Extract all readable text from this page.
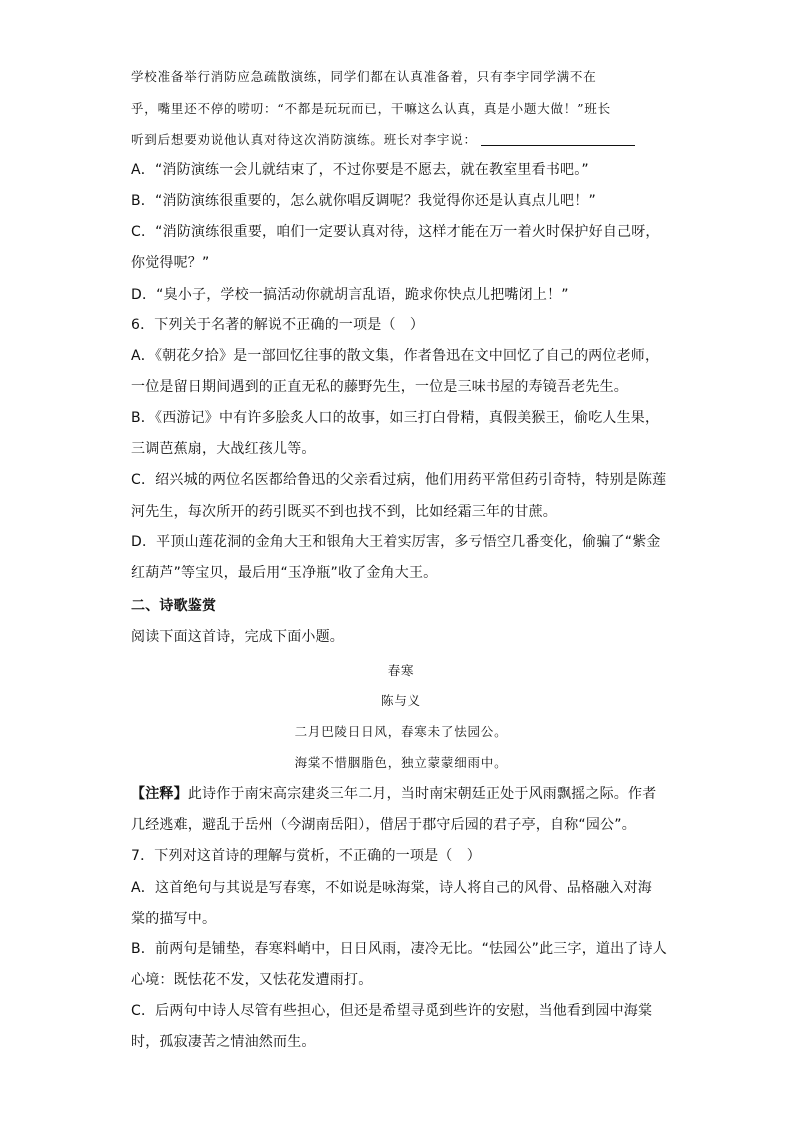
学校准备举行消防应急疏散演练，同学们都在认真准备着，只有李宇同学满不在
乎，嘴里还不停的唠叨：“不都是玩玩而已，干嘛这么认真，真是小题大做！”班长
听到后想要劝说他认真对待这次消防演练。班长对李宇说：
A．“消防演练一会儿就结束了，不过你要是不愿去，就在教室里看书吧。”
B．“消防演练很重要的，怎么就你唱反调呢？我觉得你还是认真点儿吧！”
C．“消防演练很重要，咱们一定要认真对待，这样才能在万一着火时保护好自己呀，
你觉得呢？”
D．“臭小子，学校一搞活动你就胡言乱语，跪求你快点儿把嘴闭上！”
6．下列关于名著的解说不正确的一项是（　）
A．《朝花夕拾》是一部回忆往事的散文集，作者鲁迅在文中回忆了自己的两位老师，
一位是留日期间遇到的正直无私的藤野先生，一位是三味书屋的寿镜吾老先生。
B．《西游记》中有许多脍炙人口的故事，如三打白骨精，真假美猴王，偷吃人生果，
三调芭蕉扇，大战红孩儿等。
C．绍兴城的两位名医都给鲁迅的父亲看过病，他们用药平常但药引奇特，特别是陈莲
河先生，每次所开的药引既买不到也找不到，比如经霜三年的甘蔗。
D．平顶山莲花洞的金角大王和银角大王着实厉害，多亏悟空几番变化，偷骗了“紫金
红葫芦”等宝贝，最后用“玉净瓶”收了金角大王。
二、诗歌鉴赏
阅读下面这首诗，完成下面小题。
春寒
陈与义
二月巴陵日日风，春寒未了怯园公。
海棠不惜胭脂色，独立蒙蒙细雨中。
【注释】此诗作于南宋高宗建炎三年二月，当时南宋朝廷正处于风雨飘摇之际。作者
几经逃难，避乱于岳州（今湖南岳阳），借居于郡守后园的君子亭，自称“园公”。
7．下列对这首诗的理解与赏析，不正确的一项是（　）
A．这首绝句与其说是写春寒，不如说是咏海棠，诗人将自己的风骨、品格融入对海
棠的描写中。
B．前两句是铺垫，春寒料峭中，日日风雨，凄冷无比。“怯园公”此三字，道出了诗人
心境：既怯花不发，又怯花发遭雨打。
C．后两句中诗人尽管有些担心，但还是希望寻觅到些许的安慰，当他看到园中海棠
时，孤寂凄苦之情油然而生。
